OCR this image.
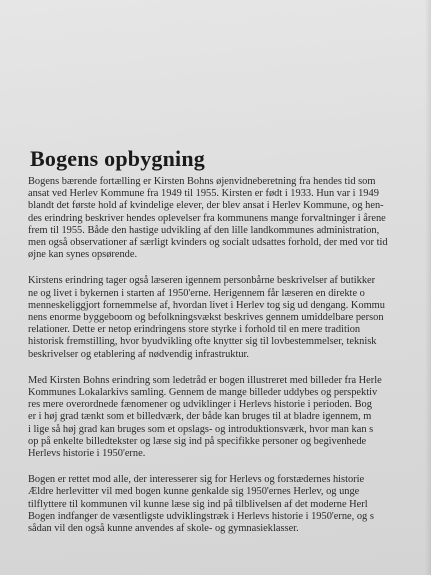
Bogens opbygning
Bogens bærende fortælling er Kirsten Bohns øjenvidneberetning fra hendes tid som
ansat ved Herlev Kommune fra 1949 til 1955. Kirsten er født i 1933. Hun var i 1949
blandt det første hold af kvindelige elever, der blev ansat i Herlev Kommune, og hen-
des erindring beskriver hendes oplevelser fra kommunens mange forvaltninger i årene
frem til 1955. Både den hastige udvikling af den lille landkommunes administration,
men også observationer af særligt kvinders og socialt udsattes forhold, der med vor tid
øjne kan synes opsørende.
Kirstens erindring tager også læseren igennem personbårne beskrivelser af butikker
ne og livet i bykernen i starten af 1950'erne. Herigennem får læseren en direkte o
menneskeliggjort fornemmelse af, hvordan livet i Herlev tog sig ud dengang. Kommu
nens enorme byggeboom og befolkningsvækst beskrives gennem umiddelbare person
relationer. Dette er netop erindringens store styrke i forhold til en mere tradition
historisk fremstilling, hvor byudvikling ofte knytter sig til lovbestemmelser, teknisk
beskrivelser og etablering af nødvendig infrastruktur.
Med Kirsten Bohns erindring som ledetråd er bogen illustreret med billeder fra Herle
Kommunes Lokalarkivs samling. Gennem de mange billeder uddybes og perspektiv
res mere overordnede fænomener og udviklinger i Herlevs historie i perioden. Bog
er i høj grad tænkt som et billedværk, der både kan bruges til at bladre igennem, m
i lige så høj grad kan bruges som et opslags- og introduktionsværk, hvor man kan s
op på enkelte billedtekster og læse sig ind på specifikke personer og begivenhede
Herlevs historie i 1950'erne.
Bogen er rettet mod alle, der interesserer sig for Herlevs og forstædernes historie
Ældre herlevitter vil med bogen kunne genkalde sig 1950'ernes Herlev, og unge
tilflyttere til kommunen vil kunne læse sig ind på tilblivelsen af det moderne Herl
Bogen indfanger de væsentligste udviklingstræk i Herlevs historie i 1950'erne, og s
sådan vil den også kunne anvendes af skole- og gymnasieklasser.
